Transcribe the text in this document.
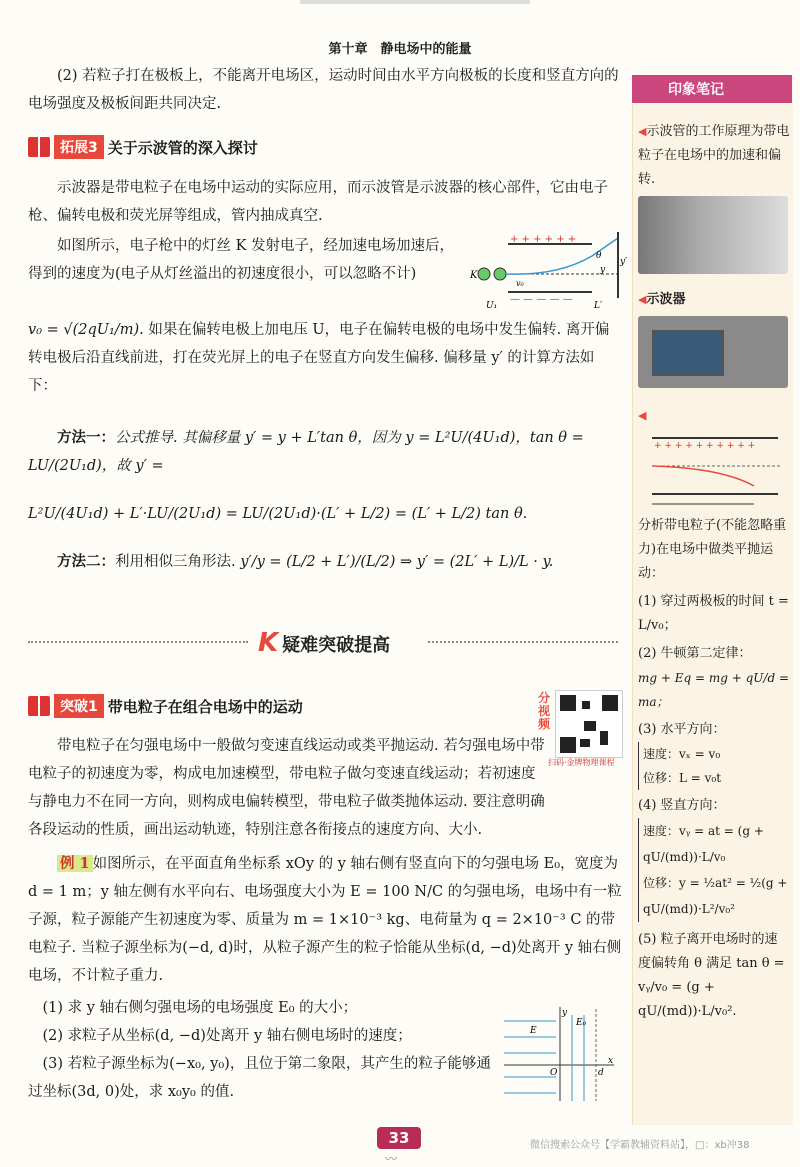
第十章　静电场中的能量

(2) 若粒子打在极板上，不能离开电场区，运动时间由水平方向极板的长度和竖直方向的电场强度及极板间距共同决定.

拓展3 关于示波管的深入探讨

示波器是带电粒子在电场中运动的实际应用，而示波管是示波器的核心部件，它由电子枪、偏转电极和荧光屏等组成，管内抽成真空.

如图所示，电子枪中的灯丝 K 发射电子，经加速电场加速后，得到的速度为(电子从灯丝溢出的初速度很小，可以忽略不计)

v₀ = √(2qU₁/m). 如果在偏转电极上加电压 U，电子在偏转电极的电场中发生偏转. 离开偏转电极后沿直线前进，打在荧光屏上的电子在竖直方向发生偏移. 偏移量 y′ 的计算方法如下：

+ + + + + +
— — — — —
K
v₀
θ
y
y′
U₁	L′

方法一：公式推导. 其偏移量 y′ = y + L′tan θ，因为 y = L²U/(4U₁d)，tan θ = LU/(2U₁d)，故 y′ =

L²U/(4U₁d) + L′·LU/(2U₁d) = LU/(2U₁d)·(L′ + L/2) = (L′ + L/2) tan θ.

方法二：利用相似三角形法. y′/y = (L/2 + L′)/(L/2) ⇒ y′ = (2L′ + L)/L · y.

K 疑难突破提高
突破1 带电粒子在组合电场中的运动	分视频
扫码·金牌物理课程

带电粒子在匀强电场中一般做匀变速直线运动或类平抛运动. 若匀强电场中带电粒子的初速度为零，构成电加速模型，带电粒子做匀变速直线运动；若初速度与静电力不在同一方向，则构成电偏转模型，带电粒子做类抛体运动. 要注意明确各段运动的性质，画出运动轨迹，特别注意各衔接点的速度方向、大小.

例 1 如图所示，在平面直角坐标系 xOy 的 y 轴右侧有竖直向下的匀强电场 E₀，宽度为 d = 1 m；y 轴左侧有水平向右、电场强度大小为 E = 100 N/C 的匀强电场，电场中有一粒子源，粒子源能产生初速度为零、质量为 m = 1×10⁻³ kg、电荷量为 q = 2×10⁻³ C 的带电粒子. 当粒子源坐标为(−d, d)时，从粒子源产生的粒子恰能从坐标(d, −d)处离开 y 轴右侧电场，不计粒子重力.

(1) 求 y 轴右侧匀强电场的电场强度 E₀ 的大小；

(2) 求粒子从坐标(d, −d)处离开 y 轴右侧电场时的速度；

(3) 若粒子源坐标为(−x₀, y₀)，且位于第二象限，其产生的粒子能够通过坐标(3d, 0)处，求 x₀y₀ 的值.

y
E
E₀
O	d
x
印象笔记
◀示波管的工作原理为带电粒子在电场中的加速和偏转.
◀示波器
◀
+ + + + + + + + + +
分析带电粒子(不能忽略重力)在电场中做类平抛运动：
(1) 穿过两极板的时间 t = L/v₀；
(2) 牛顿第二定律：
mg + Eq = mg + qU/d = ma；
(3) 水平方向：
速度：vₓ = v₀
位移：L = v₀t
(4) 竖直方向：
速度：vᵧ = at = (g + qU/(md))·L/v₀
位移：y = ½at² = ½(g + qU/(md))·L²/v₀²
(5) 粒子离开电场时的速度偏转角 θ 满足 tan θ = vᵧ/v₀ = (g + qU/(md))·L/v₀².
33
〰
微信搜索公众号【学霸教辅资料站】，□：xb冲38
